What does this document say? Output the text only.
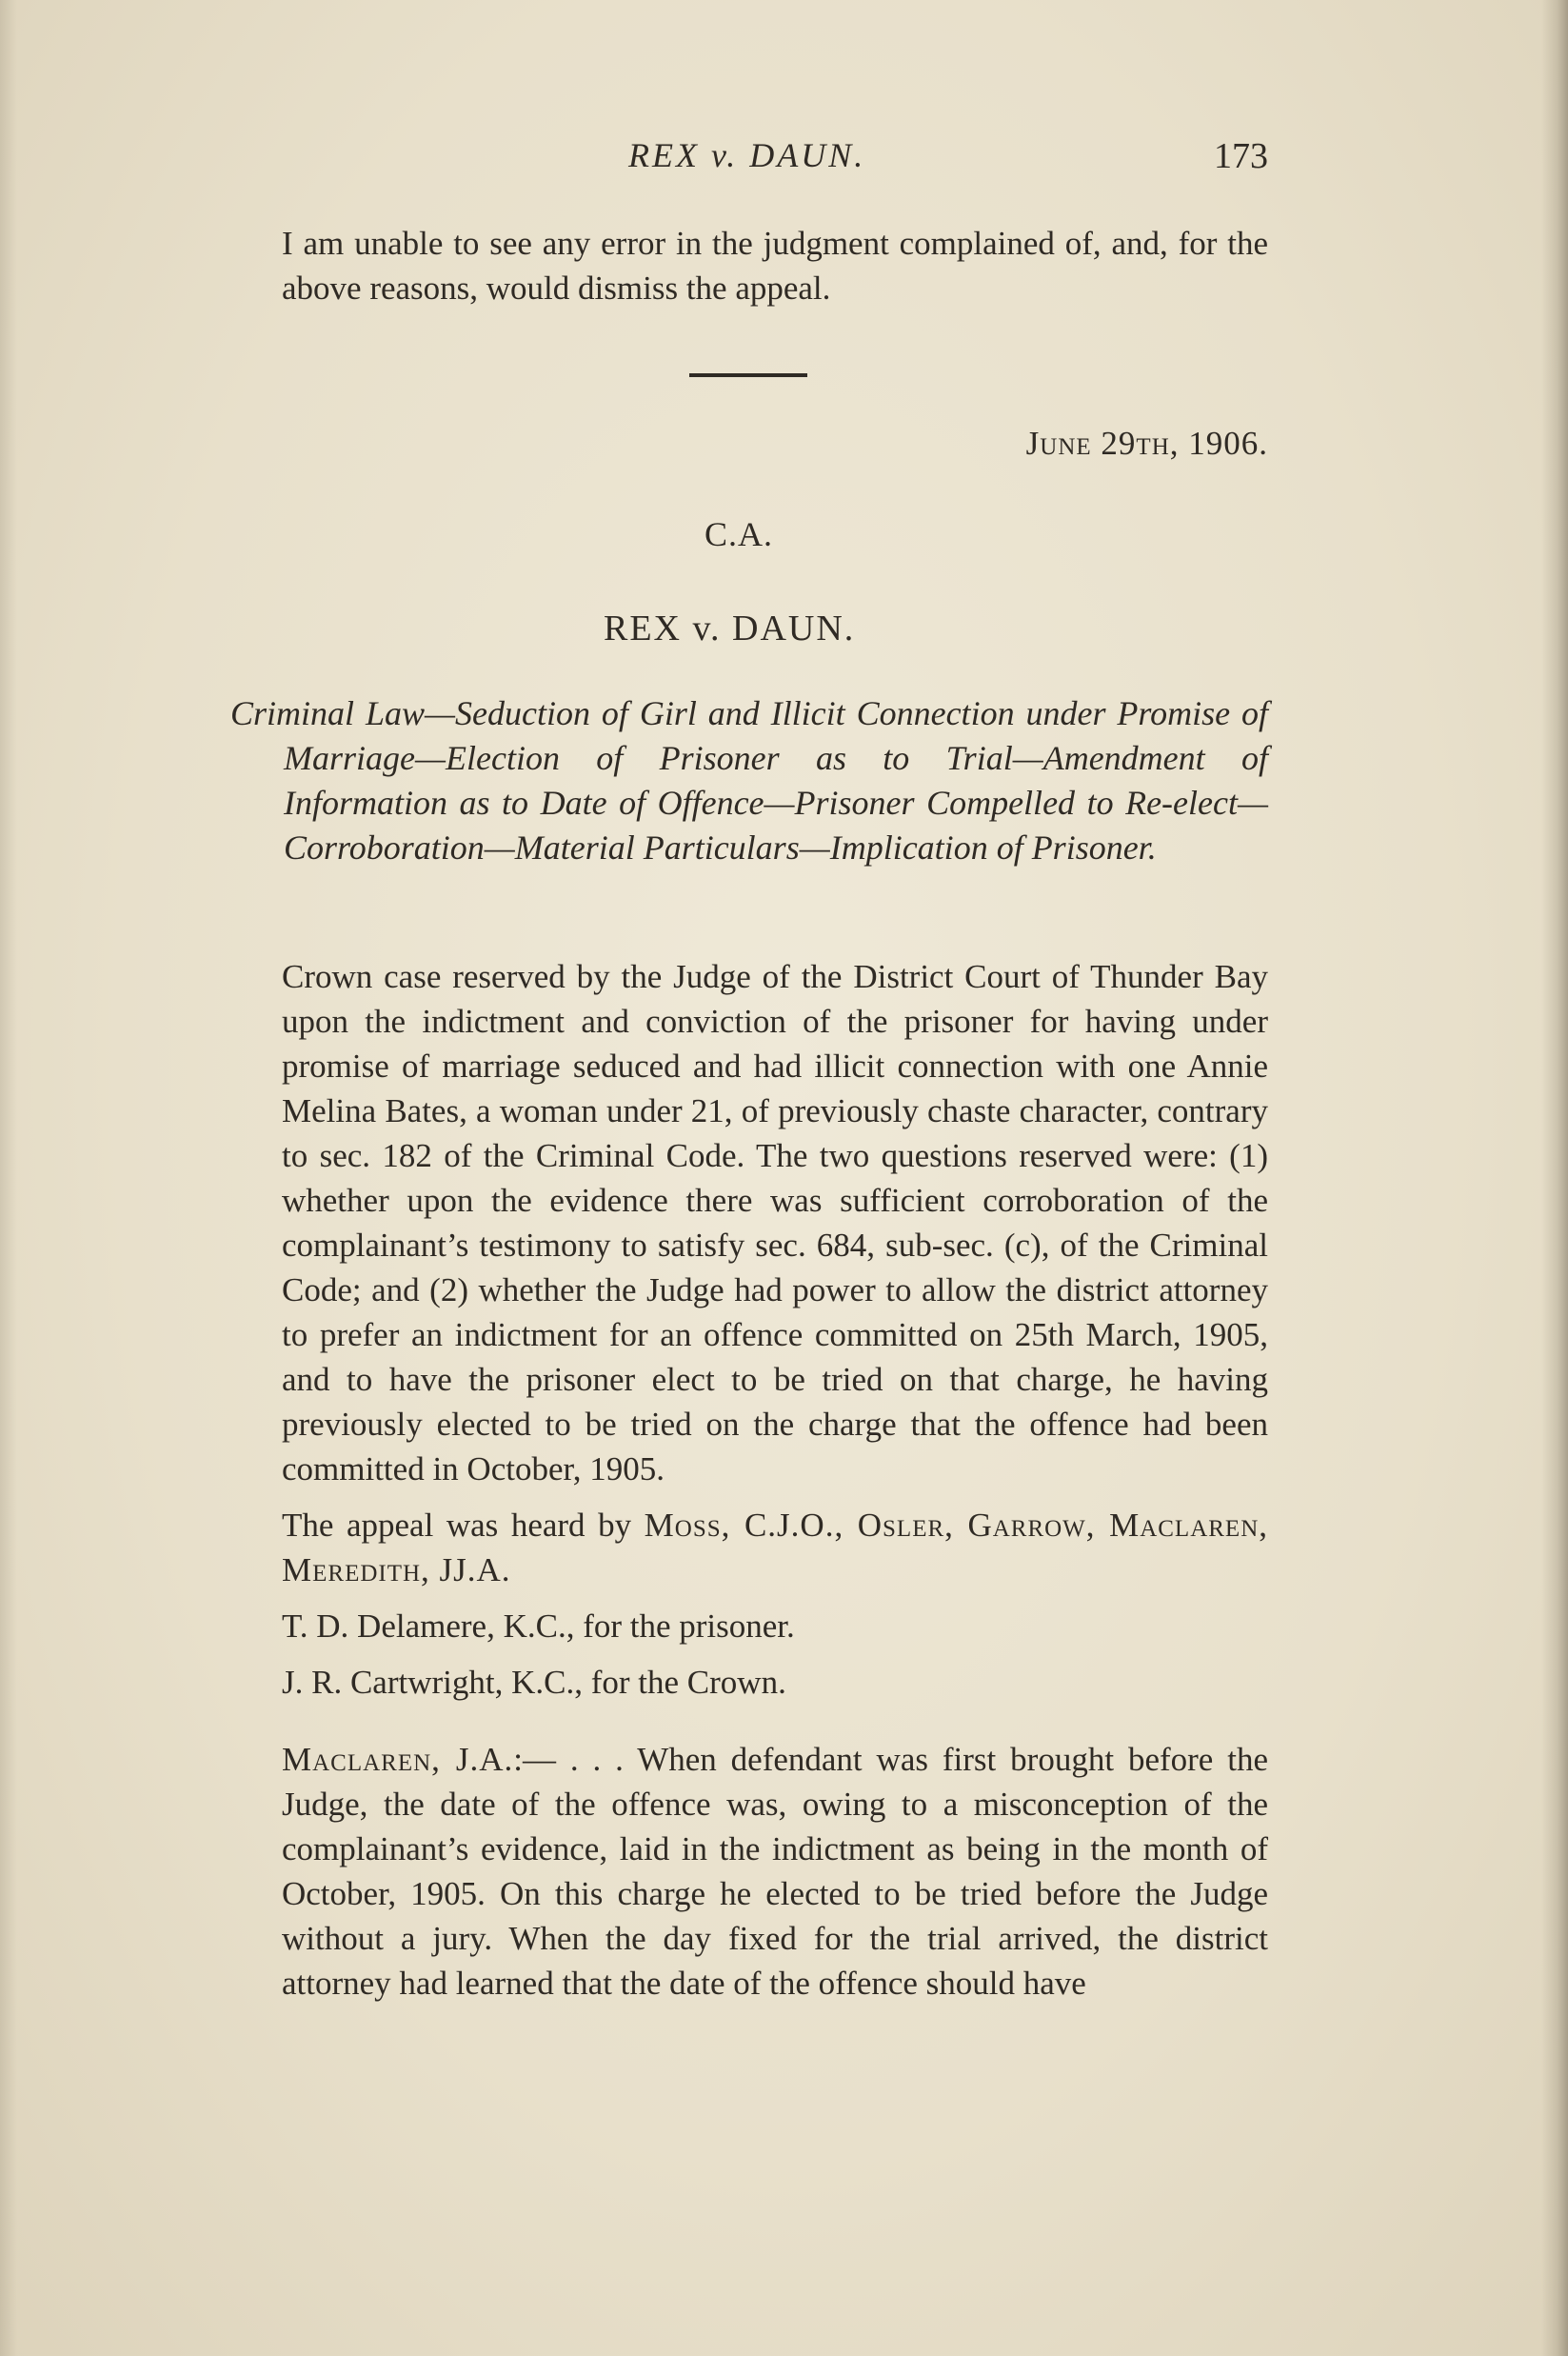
REX v. DAUN.	173

I am unable to see any error in the judgment complained of, and, for the above reasons, would dismiss the appeal.

June 29th, 1906.
C.A.
REX v. DAUN.

Criminal Law—Seduction of Girl and Illicit Connection under Promise of Marriage—Election of Prisoner as to Trial—Amendment of Information as to Date of Offence—Prisoner Compelled to Re-elect—Corroboration—Material Particulars—Implication of Prisoner.

Crown case reserved by the Judge of the District Court of Thunder Bay upon the indictment and conviction of the prisoner for having under promise of marriage seduced and had illicit connection with one Annie Melina Bates, a woman under 21, of previously chaste character, contrary to sec. 182 of the Criminal Code. The two questions reserved were: (1) whether upon the evidence there was sufficient corroboration of the complainant’s testimony to satisfy sec. 684, sub-sec. (c), of the Criminal Code; and (2) whether the Judge had power to allow the district attorney to prefer an indictment for an offence committed on 25th March, 1905, and to have the prisoner elect to be tried on that charge, he having previously elected to be tried on the charge that the offence had been committed in October, 1905.

The appeal was heard by Moss, C.J.O., Osler, Garrow, Maclaren, Meredith, JJ.A.

T. D. Delamere, K.C., for the prisoner.

J. R. Cartwright, K.C., for the Crown.

Maclaren, J.A.:— . . . When defendant was first brought before the Judge, the date of the offence was, owing to a misconception of the complainant’s evidence, laid in the indictment as being in the month of October, 1905. On this charge he elected to be tried before the Judge without a jury. When the day fixed for the trial arrived, the district attorney had learned that the date of the offence should have
